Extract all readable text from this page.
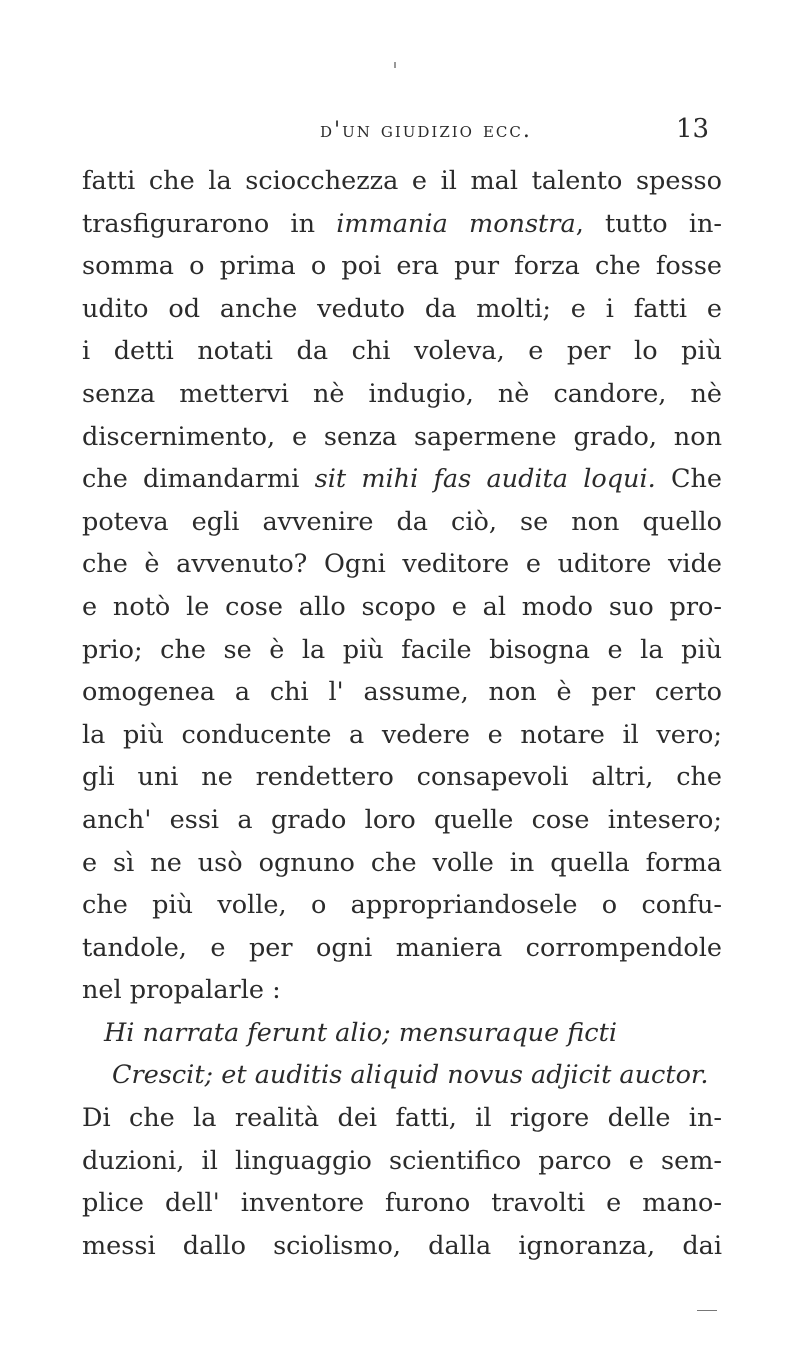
d'un giudizio ecc.	13
fatti che la sciocchezza e il mal talento spesso
trasfigurarono in immania monstra, tutto in-
somma o prima o poi era pur forza che fosse
udito od anche veduto da molti; e i fatti e
i detti notati da chi voleva, e per lo più
senza mettervi nè indugio, nè candore, nè
discernimento, e senza sapermene grado, non
che dimandarmi sit mihi fas audita loqui. Che
poteva egli avvenire da ciò, se non quello
che è avvenuto? Ogni veditore e uditore vide
e notò le cose allo scopo e al modo suo pro-
prio; che se è la più facile bisogna e la più
omogenea a chi l' assume, non è per certo
la più conducente a vedere e notare il vero;
gli uni ne rendettero consapevoli altri, che
anch' essi a grado loro quelle cose intesero;
e sì ne usò ognuno che volle in quella forma
che più volle, o appropriandosele o confu-
tandole, e per ogni maniera corrompendole
nel propalarle :
Hi narrata ferunt alio; mensuraque ficti
Crescit; et auditis aliquid novus adjicit auctor.
Di che la realità dei fatti, il rigore delle in-
duzioni, il linguaggio scientifico parco e sem-
plice dell' inventore furono travolti e mano-
messi dallo sciolismo, dalla ignoranza, dai
